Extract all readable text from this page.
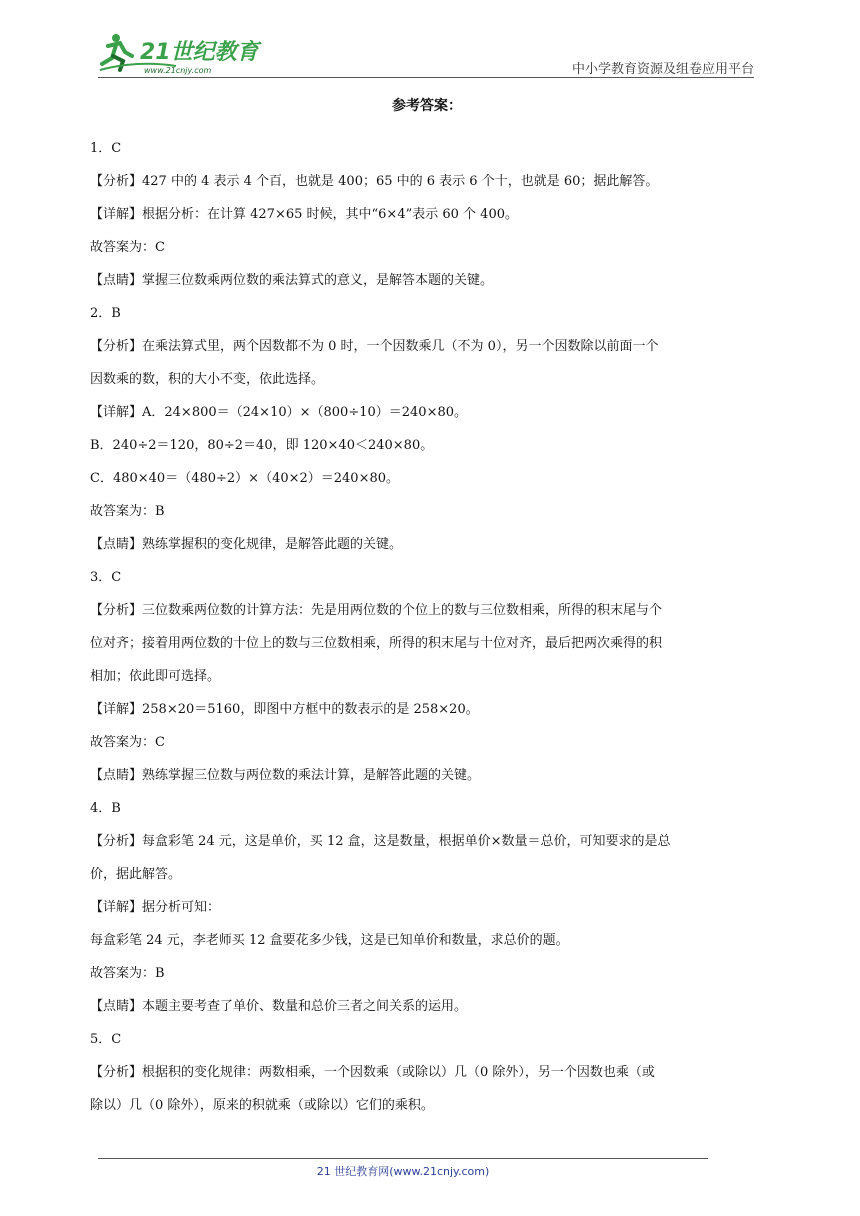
21世纪教育
www.21cnjy.com	中小学教育资源及组卷应用平台
参考答案：
1．C
【分析】427 中的 4 表示 4 个百，也就是 400；65 中的 6 表示 6 个十，也就是 60；据此解答。
【详解】根据分析：在计算 427×65 时候，其中“6×4”表示 60 个 400。
故答案为：C
【点睛】掌握三位数乘两位数的乘法算式的意义，是解答本题的关键。
2．B
【分析】在乘法算式里，两个因数都不为 0 时，一个因数乘几（不为 0），另一个因数除以前面一个
因数乘的数，积的大小不变，依此选择。
【详解】A．24×800＝（24×10）×（800÷10）＝240×80。
B．240÷2＝120，80÷2＝40，即 120×40＜240×80。
C．480×40＝（480÷2）×（40×2）＝240×80。
故答案为：B
【点睛】熟练掌握积的变化规律，是解答此题的关键。
3．C
【分析】三位数乘两位数的计算方法：先是用两位数的个位上的数与三位数相乘，所得的积末尾与个
位对齐；接着用两位数的十位上的数与三位数相乘，所得的积末尾与十位对齐，最后把两次乘得的积
相加；依此即可选择。
【详解】258×20＝5160，即图中方框中的数表示的是 258×20。
故答案为：C
【点睛】熟练掌握三位数与两位数的乘法计算，是解答此题的关键。
4．B
【分析】每盒彩笔 24 元，这是单价，买 12 盒，这是数量，根据单价×数量＝总价，可知要求的是总
价，据此解答。
【详解】据分析可知：
每盒彩笔 24 元，李老师买 12 盒要花多少钱，这是已知单价和数量，求总价的题。
故答案为：B
【点睛】本题主要考查了单价、数量和总价三者之间关系的运用。
5．C
【分析】根据积的变化规律：两数相乘，一个因数乘（或除以）几（0 除外），另一个因数也乘（或
除以）几（0 除外），原来的积就乘（或除以）它们的乘积。
21 世纪教育网(www.21cnjy.com)
